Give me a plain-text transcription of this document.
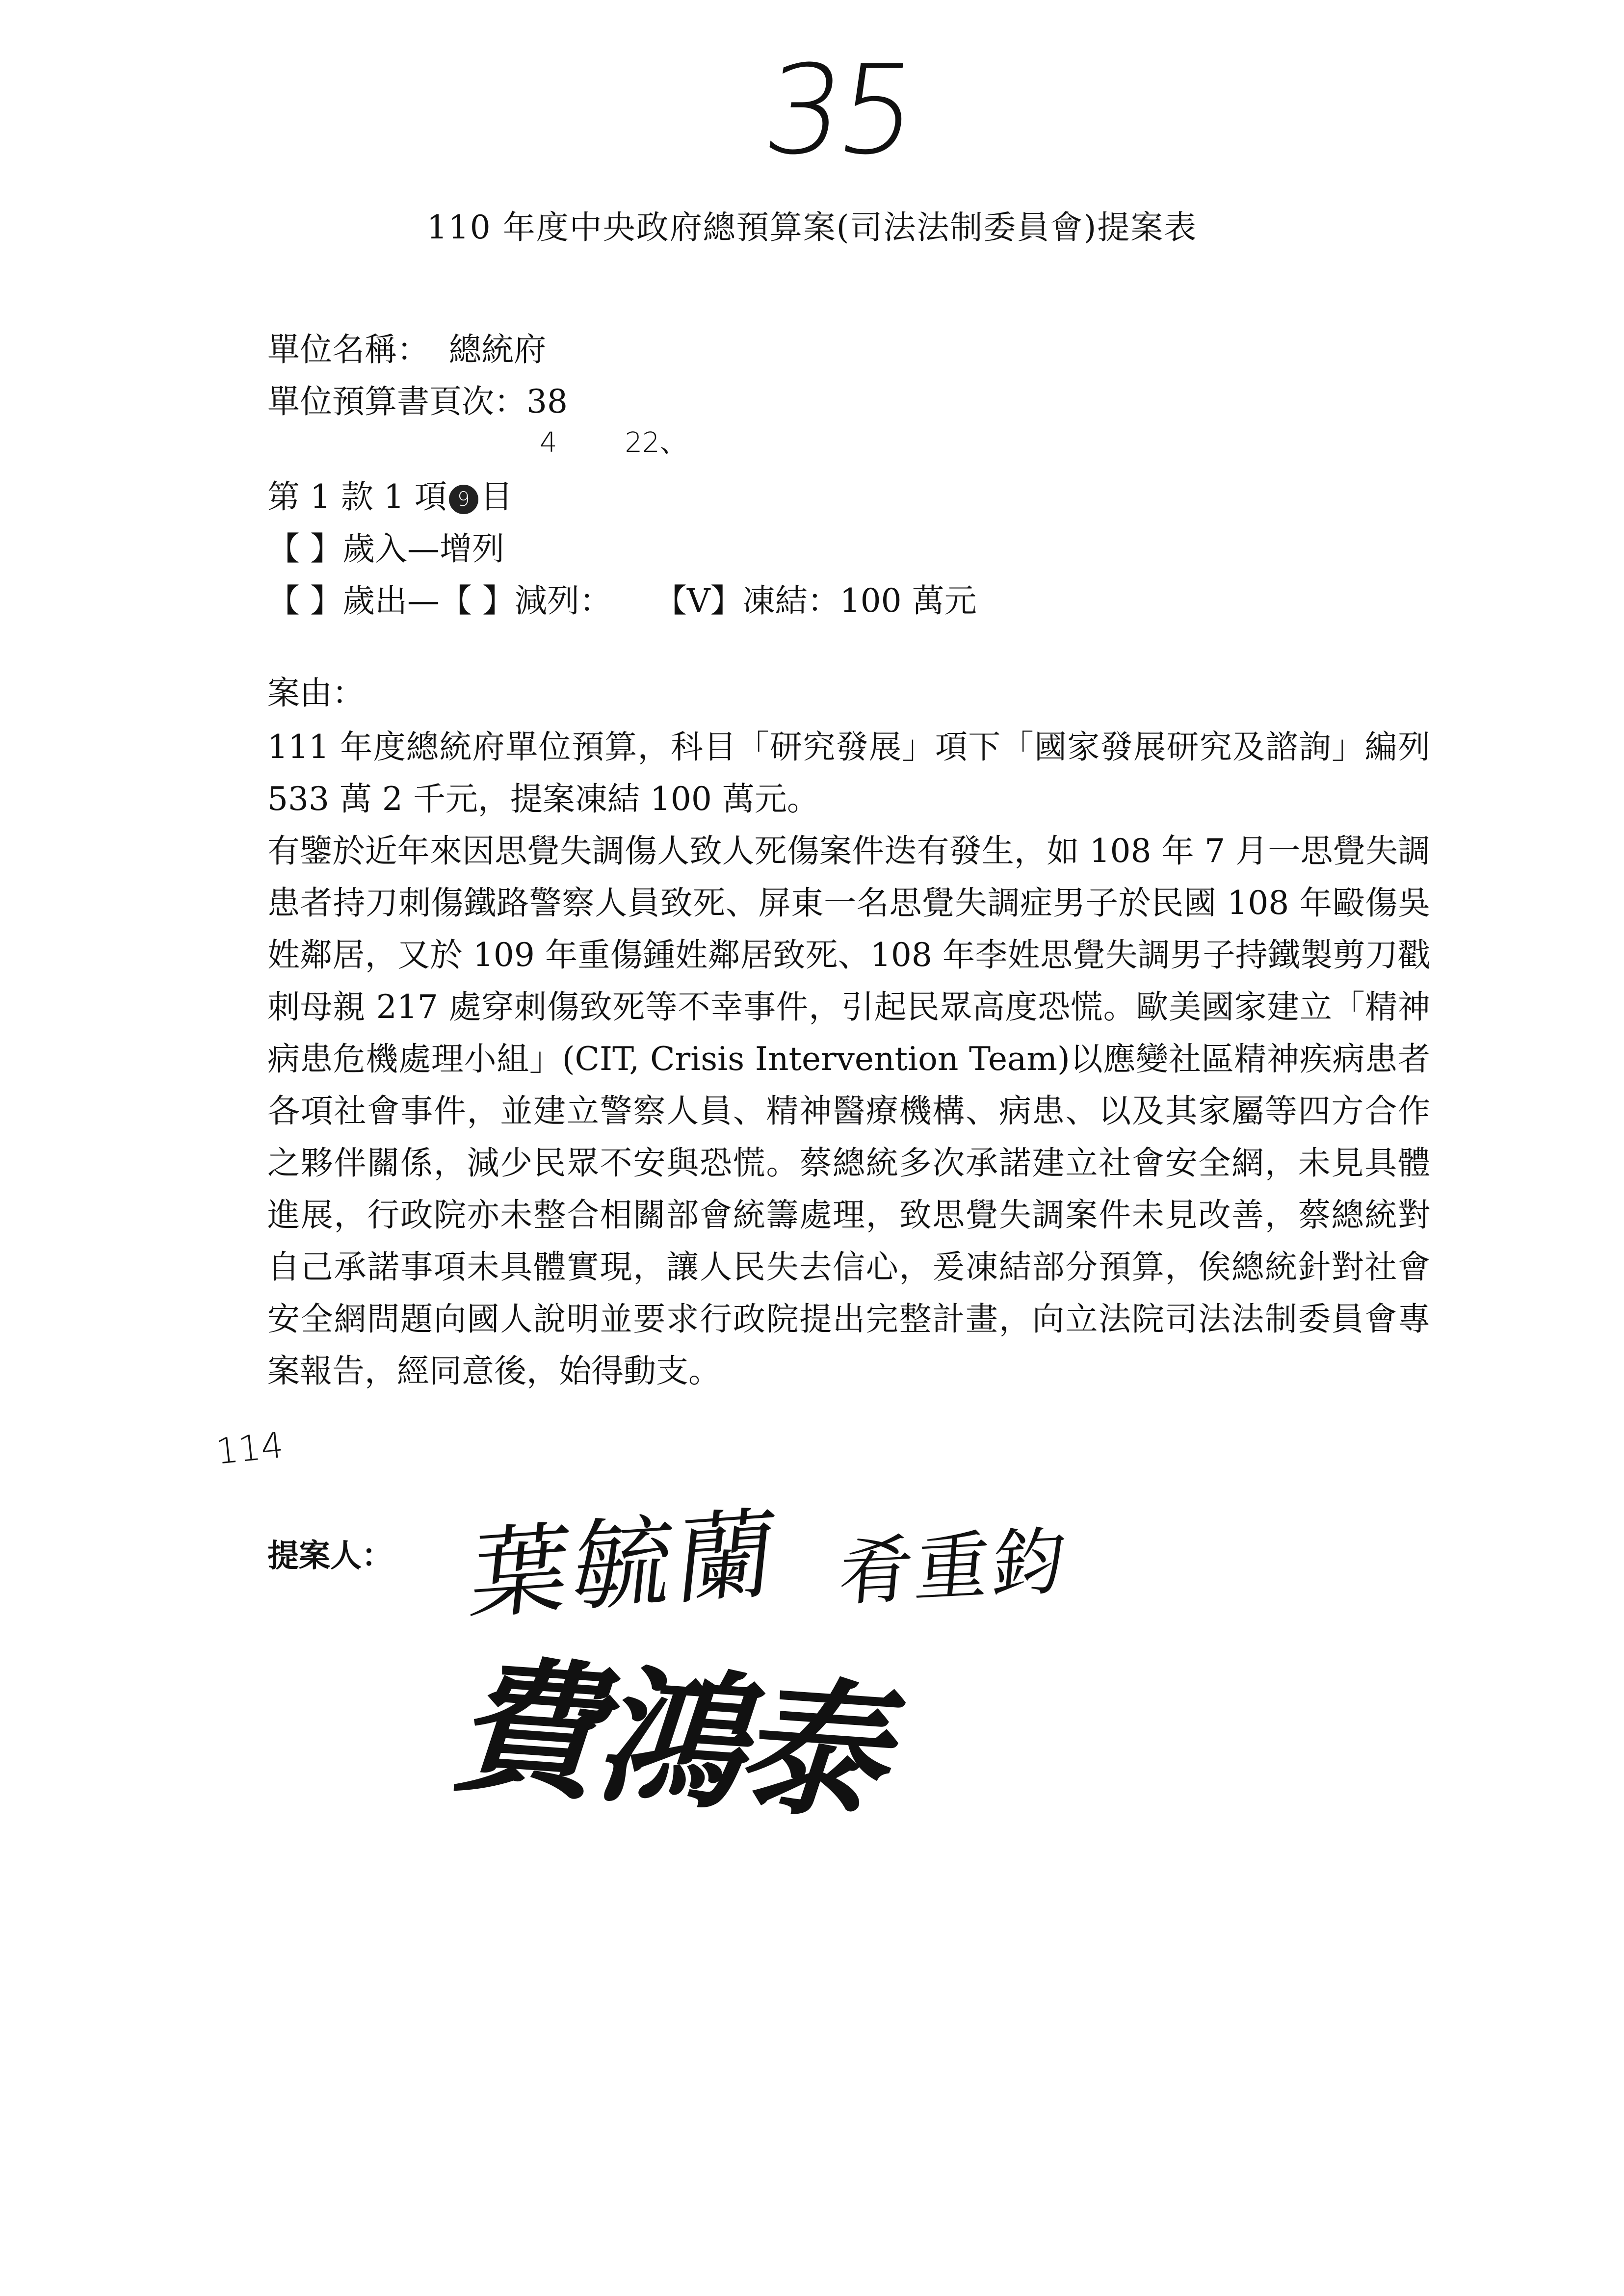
35
110 年度中央政府總預算案(司法法制委員會)提案表
單位名稱： 總統府
單位預算書頁次：38
4 22、
第 1 款 1 項 9 目
【 】歲入—增列
【 】歲出—【 】減列： 【V】凍結：100 萬元
案由：

111 年度總統府單位預算，科目「研究發展」項下「國家發展研究及諮詢」編列 533 萬 2 千元，提案凍結 100 萬元。

有鑒於近年來因思覺失調傷人致人死傷案件迭有發生，如 108 年 7 月一思覺失調患者持刀刺傷鐵路警察人員致死、屏東一名思覺失調症男子於民國 108 年毆傷吳姓鄰居，又於 109 年重傷鍾姓鄰居致死、108 年李姓思覺失調男子持鐵製剪刀戳刺母親 217 處穿刺傷致死等不幸事件，引起民眾高度恐慌。歐美國家建立「精神病患危機處理小組」(CIT, Crisis Intervention Team)以應變社區精神疾病患者各項社會事件，並建立警察人員、精神醫療機構、病患、以及其家屬等四方合作之夥伴關係，減少民眾不安與恐慌。蔡總統多次承諾建立社會安全網，未見具體進展，行政院亦未整合相關部會統籌處理，致思覺失調案件未見改善，蔡總統對自己承諾事項未具體實現，讓人民失去信心，爰凍結部分預算，俟總統針對社會安全網問題向國人說明並要求行政院提出完整計畫，向立法院司法法制委員會專案報告，經同意後，始得動支。

114
提案人： 葉毓蘭 肴重鈞
費鴻泰
